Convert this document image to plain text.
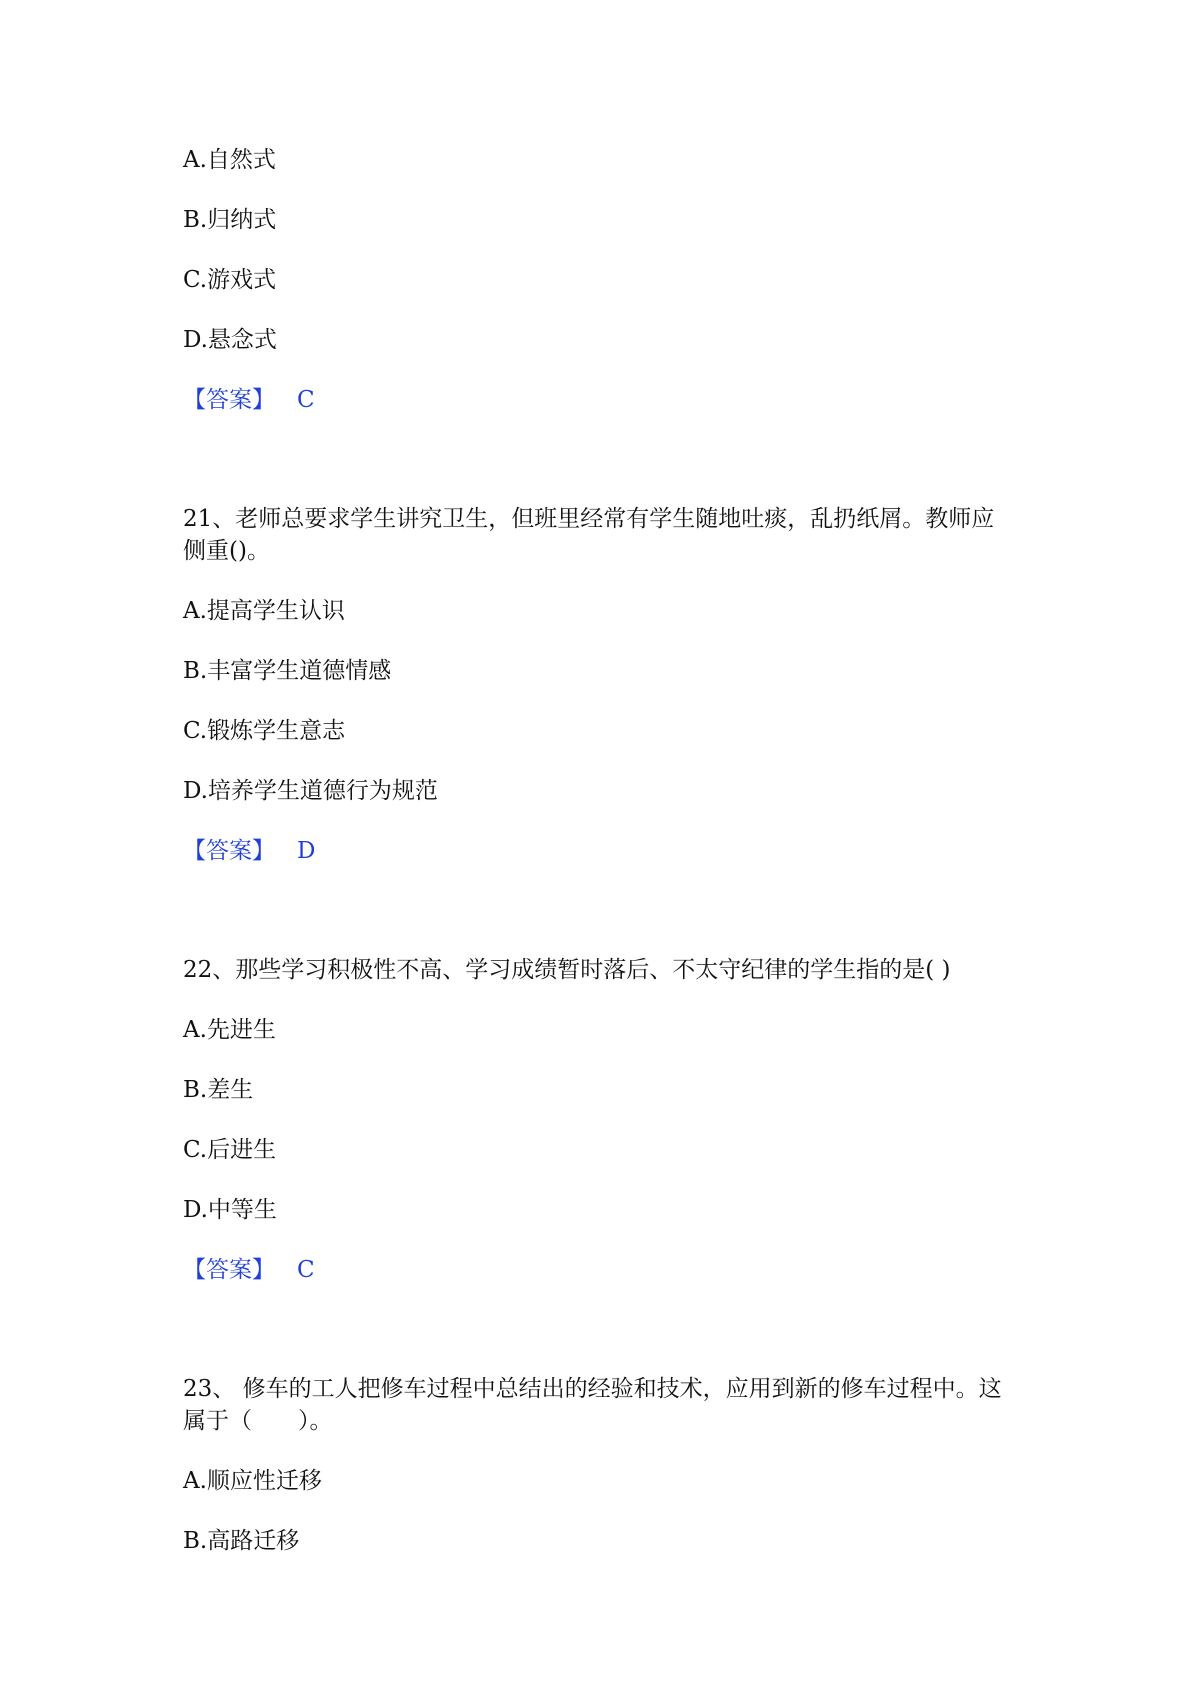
A.自然式
B.归纳式
C.游戏式
D.悬念式
【答案】 C
21、老师总要求学生讲究卫生，但班里经常有学生随地吐痰，乱扔纸屑。教师应侧重()。
A.提高学生认识
B.丰富学生道德情感
C.锻炼学生意志
D.培养学生道德行为规范
【答案】 D
22、那些学习积极性不高、学习成绩暂时落后、不太守纪律的学生指的是( )
A.先进生
B.差生
C.后进生
D.中等生
【答案】 C
23、 修车的工人把修车过程中总结出的经验和技术，应用到新的修车过程中。这属于（　　）。
A.顺应性迁移
B.高路迁移
